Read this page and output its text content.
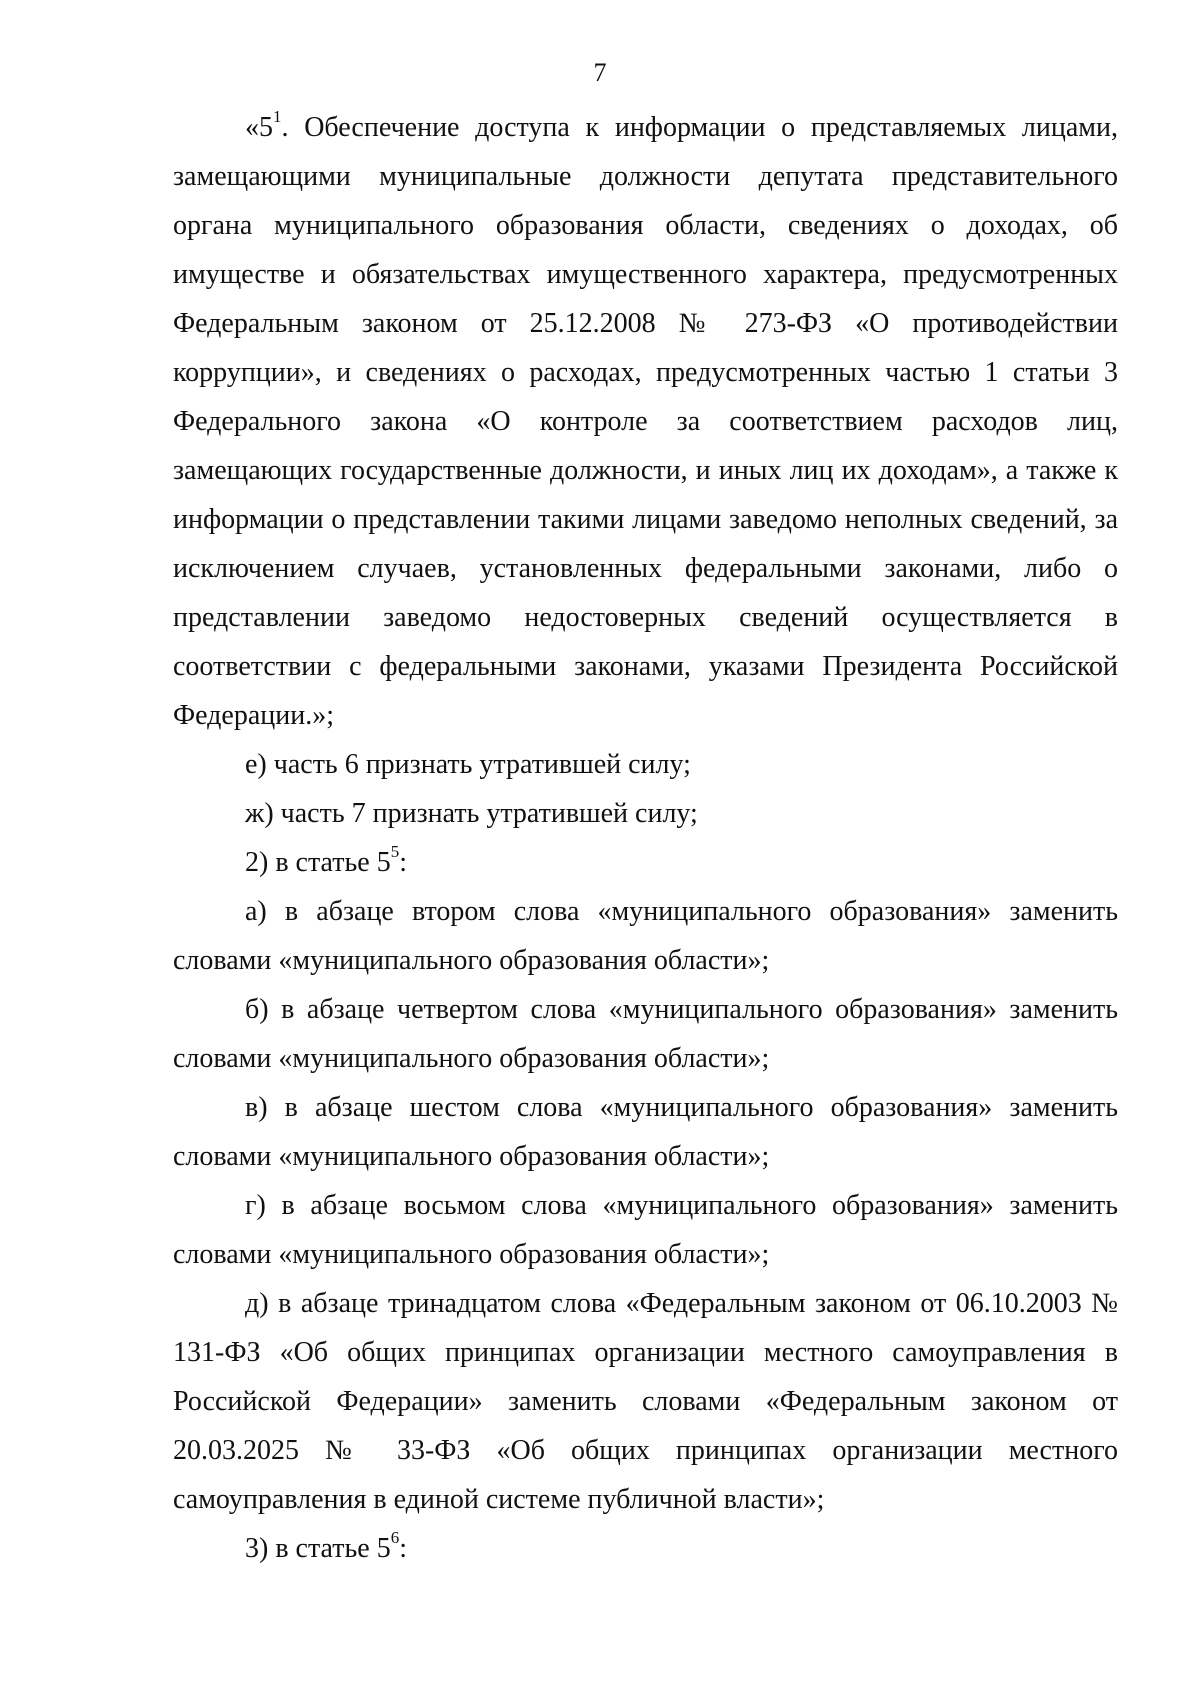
7

«$5^1$. Обеспечение доступа к информации о представляемых лицами, замещающими муниципальные должности депутата представительного органа муниципального образования области, сведениях о доходах, об имуществе и обязательствах имущественного характера, предусмотренных Федеральным законом от 25.12.2008 № 273-ФЗ «О противодействии коррупции», и сведениях о расходах, предусмотренных частью 1 статьи 3 Федерального закона «О контроле за соответствием расходов лиц, замещающих государственные должности, и иных лиц их доходам», а также к информации о представлении такими лицами заведомо неполных сведений, за исключением случаев, установленных федеральными законами, либо о представлении заведомо недостоверных сведений осуществляется в соответствии с федеральными законами, указами Президента Российской Федерации.»;

е) часть 6 признать утратившей силу;

ж) часть 7 признать утратившей силу;

2) в статье $5^5$:

а) в абзаце втором слова «муниципального образования» заменить словами «муниципального образования области»;

б) в абзаце четвертом слова «муниципального образования» заменить словами «муниципального образования области»;

в) в абзаце шестом слова «муниципального образования» заменить словами «муниципального образования области»;

г) в абзаце восьмом слова «муниципального образования» заменить словами «муниципального образования области»;

д) в абзаце тринадцатом слова «Федеральным законом от 06.10.2003 № 131-ФЗ «Об общих принципах организации местного самоуправления в Российской Федерации» заменить словами «Федеральным законом от 20.03.2025 № 33-ФЗ «Об общих принципах организации местного самоуправления в единой системе публичной власти»;

3) в статье $5^6$:
